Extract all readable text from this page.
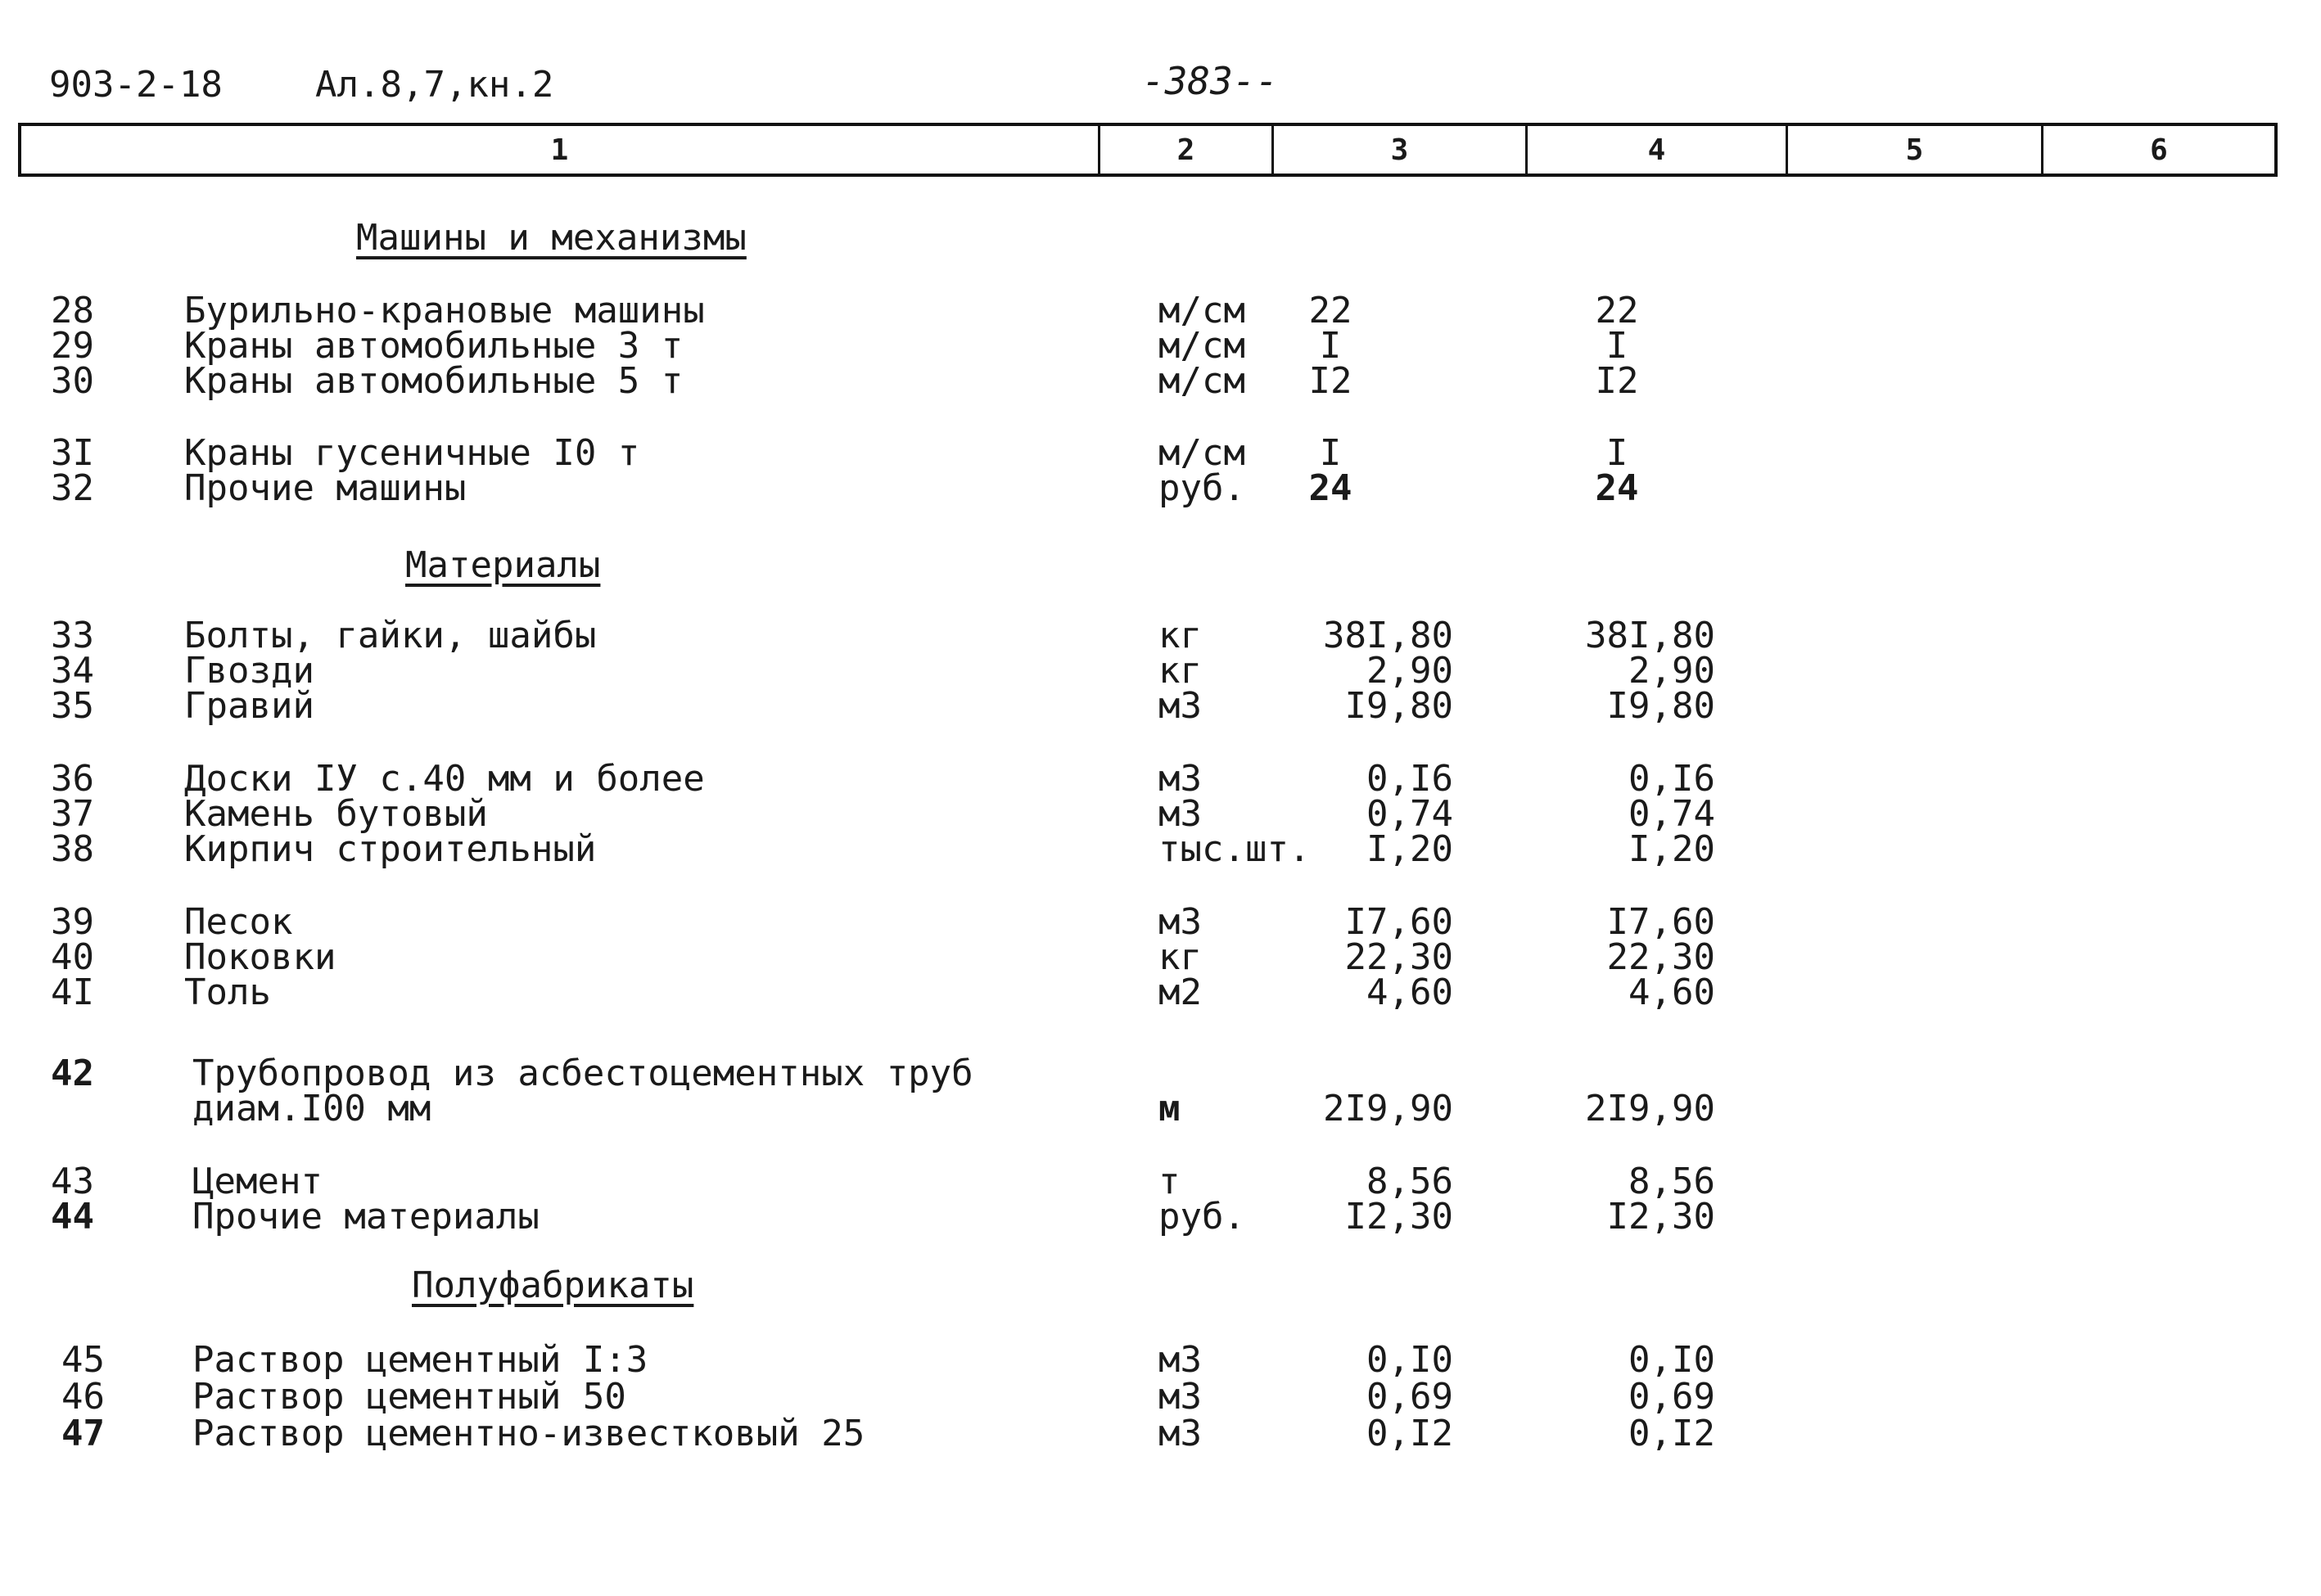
903-2-18	Ал.8,7,кн.2	-383--
1	2	3	4	5	6
Машины и механизмы
28	Бурильно-крановые машины	м/см 22	22
29	Краны автомобильные 3 т	м/см I	I
30	Краны автомобильные 5 т	м/см I2	I2
3I	Краны гусеничные I0 т	м/см I	I
32	Прочие машины	руб. 24	24
Материалы
33	Болты, гайки, шайбы	кг	38I,80	38I,80
34	Гвозди	кг	2,90	2,90
35	Гравий	м3	I9,80	I9,80
36	Доски IУ с.40 мм и более	м3	0,I6	0,I6
37	Камень бутовый	м3	0,74	0,74
38	Кирпич строительный	тыс.шт. I,20	I,20
39	Песок	м3	I7,60	I7,60
40	Поковки	кг	22,30	22,30
4I	Толь	м2	4,60	4,60
42	Трубопровод из асбестоцементных труб
диам.I00 мм	м	2I9,90	2I9,90
43	Цемент	т	8,56	8,56
44	Прочие материалы	руб.	I2,30	I2,30
Полуфабрикаты
45	Раствор цементный I:3	м3	0,I0	0,I0
46	Раствор цементный 50	м3	0,69	0,69
47	Раствор цементно-известковый 25	м3	0,I2	0,I2
